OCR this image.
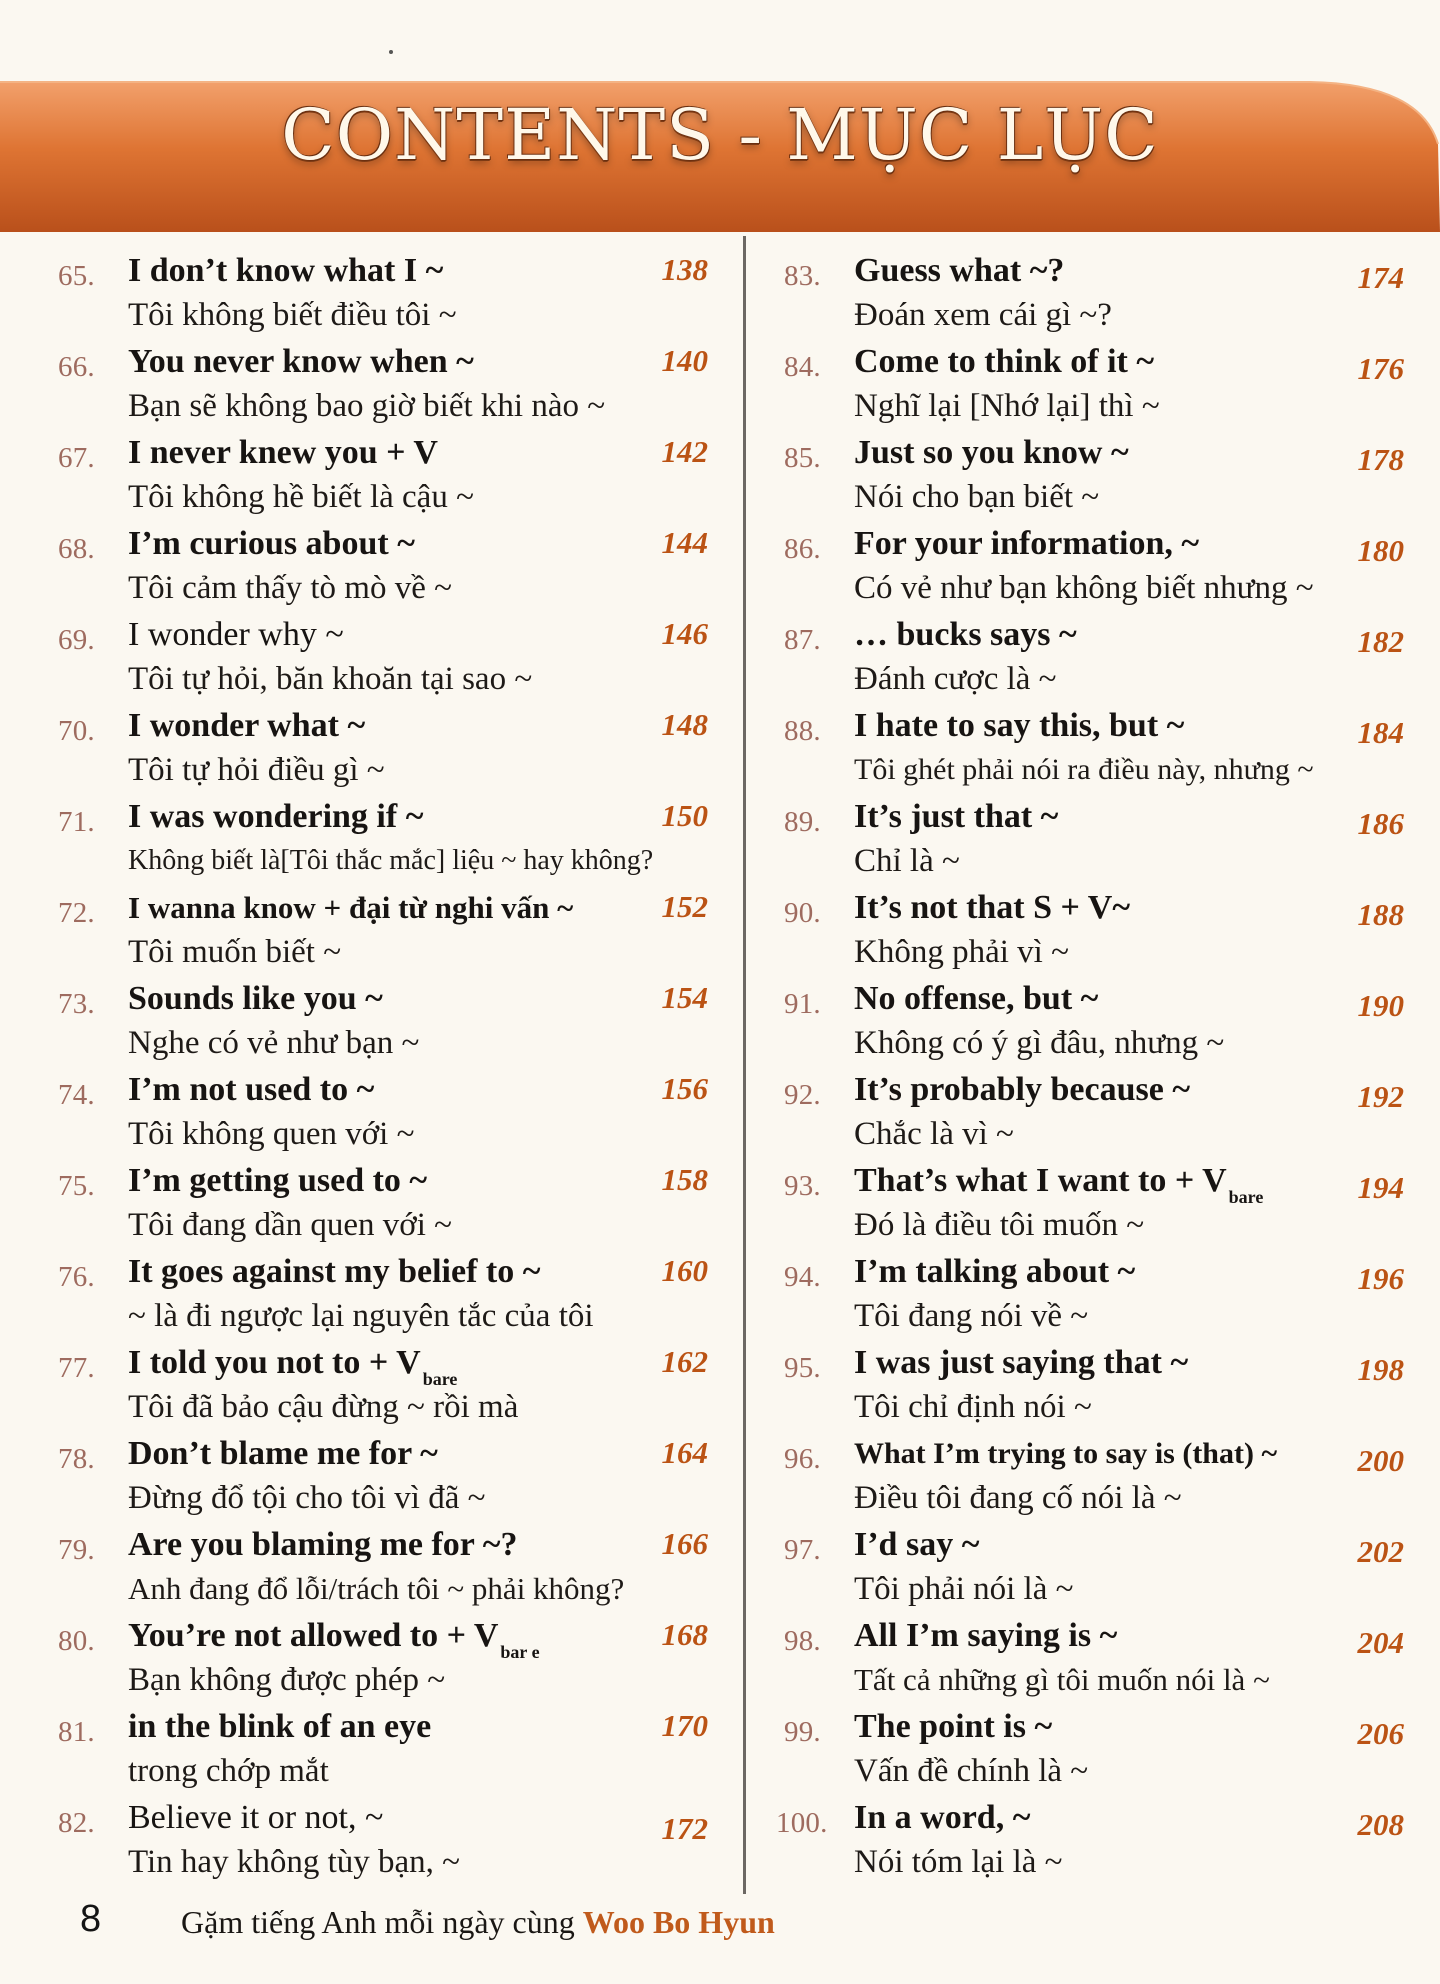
CONTENTS - MỤC LỤC
65. I don’t know what I ~
Tôi không biết điều tôi ~
138
66. You never know when ~
Bạn sẽ không bao giờ biết khi nào ~
140
67. I never knew you + V
Tôi không hề biết là cậu ~
142
68. I’m curious about ~
Tôi cảm thấy tò mò về ~
144
69. I wonder why ~
Tôi tự hỏi, băn khoăn tại sao ~
146
70. I wonder what ~
Tôi tự hỏi điều gì ~
148
71. I was wondering if ~
Không biết là[Tôi thắc mắc] liệu ~ hay không?
150
72. I wanna know + đại từ nghi vấn ~
Tôi muốn biết ~
152
73. Sounds like you ~
Nghe có vẻ như bạn ~
154
74. I’m not used to ~
Tôi không quen với ~
156
75. I’m getting used to ~
Tôi đang dần quen với ~
158
76. It goes against my belief to ~
~ là đi ngược lại nguyên tắc của tôi
160
77. I told you not to + V $_{bare}$
Tôi đã bảo cậu đừng ~ rồi mà
162
78. Don’t blame me for ~
Đừng đổ tội cho tôi vì đã ~
164
79. Are you blaming me for ~?
Anh đang đổ lỗi/trách tôi ~ phải không?
166
80. You’re not allowed to + V $_{bar e}$
Bạn không được phép ~
168
81. in the blink of an eye
trong chớp mắt
170
82. Believe it or not, ~
Tin hay không tùy bạn, ~
172
83. Guess what ~?
Đoán xem cái gì ~?
174
84. Come to think of it ~
Nghĩ lại [Nhớ lại] thì ~
176
85. Just so you know ~
Nói cho bạn biết ~
178
86. For your information, ~
Có vẻ như bạn không biết nhưng ~
180
87. … bucks says ~
Đánh cược là ~
182
88. I hate to say this, but ~
Tôi ghét phải nói ra điều này, nhưng ~
184
89. It’s just that ~
Chỉ là ~
186
90. It’s not that S + V~
Không phải vì ~
188
91. No offense, but ~
Không có ý gì đâu, nhưng ~
190
92. It’s probably because ~
Chắc là vì ~
192
93. That’s what I want to + V $_{bare}$
Đó là điều tôi muốn ~
194
94. I’m talking about ~
Tôi đang nói về ~
196
95. I was just saying that ~
Tôi chỉ định nói ~
198
96. What I’m trying to say is (that) ~
Điều tôi đang cố nói là ~
200
97. I’d say ~
Tôi phải nói là ~
202
98. All I’m saying is ~
Tất cả những gì tôi muốn nói là ~
204
99. The point is ~
Vấn đề chính là ~
206
100. In a word, ~
Nói tóm lại là ~
208
8 Gặm tiếng Anh mỗi ngày cùng Woo Bo Hyun
